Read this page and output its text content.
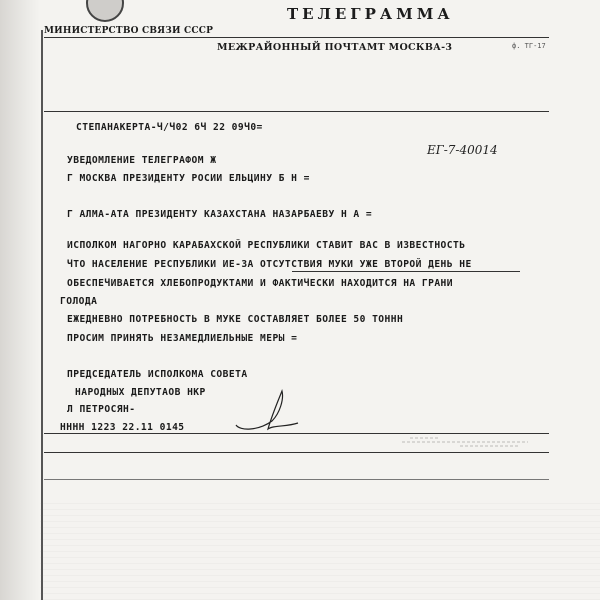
МИНИСТЕРСТВО СВЯЗИ СССР
ТЕЛЕГРАММА
МЕЖРАЙОННЫЙ ПОЧТАМТ МОСКВА-3	ф. ТГ-17
СТЕПАНАКЕРТА-Ч/Ч02 6Ч 22 09Ч0=
ЕГ-7-40014
УВЕДОМЛЕНИЕ ТЕЛЕГРАФОМ Ж
Г МОСКВА ПРЕЗИДЕНТУ РОСИИ ЕЛЬЦИНУ Б Н =
Г АЛМА-АТА ПРЕЗИДЕНТУ КАЗАХСТАНА НАЗАРБАЕВУ Н А =
ИСПОЛКОМ НАГОРНО КАРАБАХСКОЙ РЕСПУБЛИКИ СТАВИТ ВАС В ИЗВЕСТНОСТЬ
ЧТО НАСЕЛЕНИЕ РЕСПУБЛИКИ ИЕ-ЗА ОТСУТСТВИЯ МУКИ УЖЕ ВТОРОЙ ДЕНЬ НЕ
ОБЕСПЕЧИВАЕТСЯ ХЛЕБОПРОДУКТАМИ И ФАКТИЧЕСКИ НАХОДИТСЯ НА ГРАНИ
ГОЛОДА
ЕЖЕДНЕВНО ПОТРЕБНОСТЬ В МУКЕ СОСТАВЛЯЕТ БОЛЕЕ 50 ТОННН
ПРОСИМ ПРИНЯТЬ НЕЗАМЕДЛИЕЛЬНЫЕ МЕРЫ =
ПРЕДСЕДАТЕЛЬ ИСПОЛКОМА СОВЕТА
НАРОДНЫХ ДЕПУТАОВ НКР
Л ПЕТРОСЯН-
НННН 1223 22.11 0145
